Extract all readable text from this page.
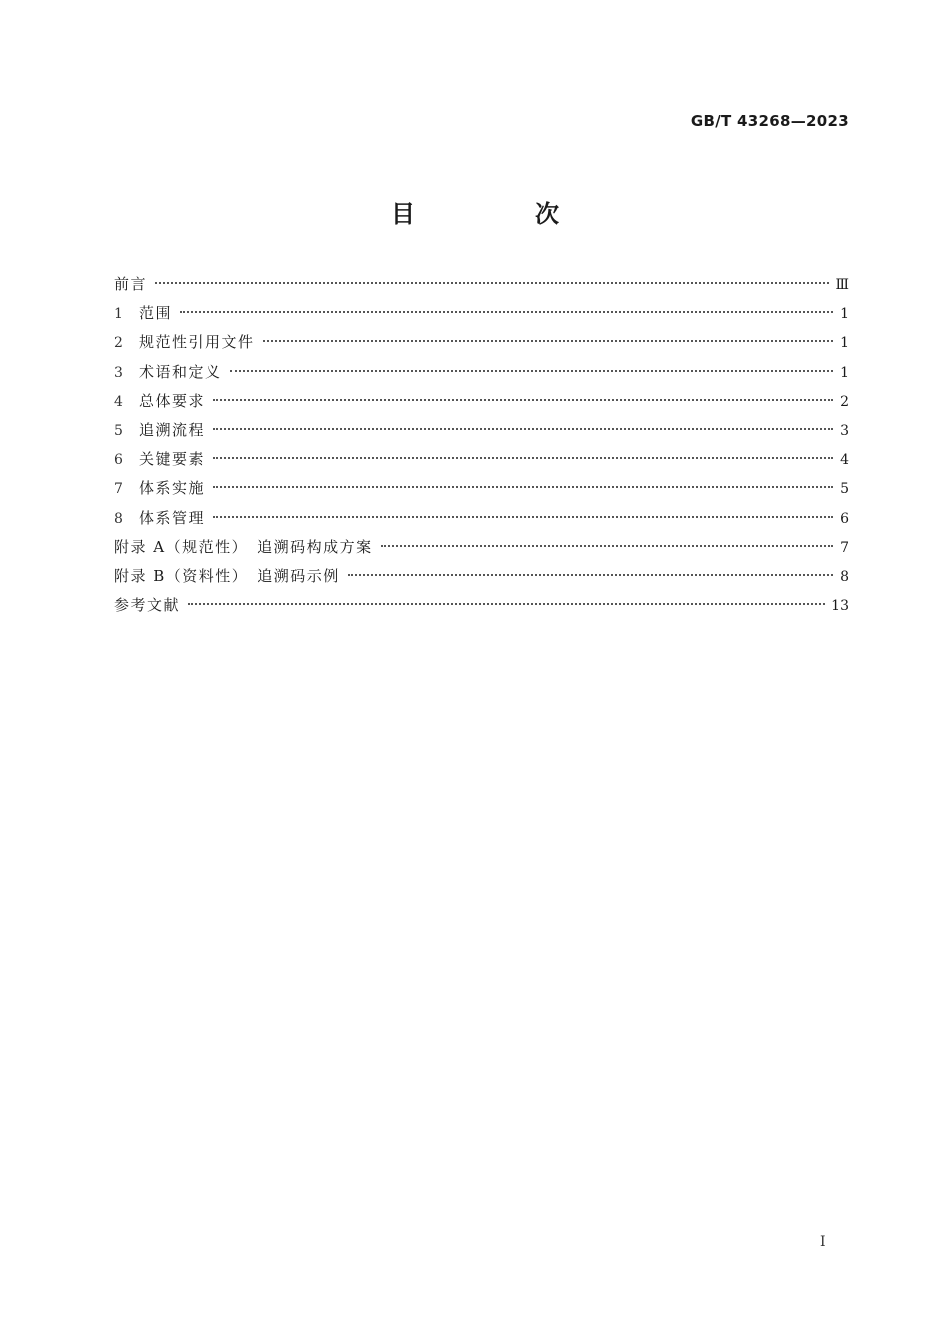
GB/T 43268—2023
目　次
前言	Ⅲ
1	范围	1
2	规范性引用文件	1
3	术语和定义	1
4	总体要求	2
5	追溯流程	3
6	关键要素	4
7	体系实施	5
8	体系管理	6
附录 A（规范性）　追溯码构成方案	7
附录 B（资料性）　追溯码示例	8
参考文献	13
I
